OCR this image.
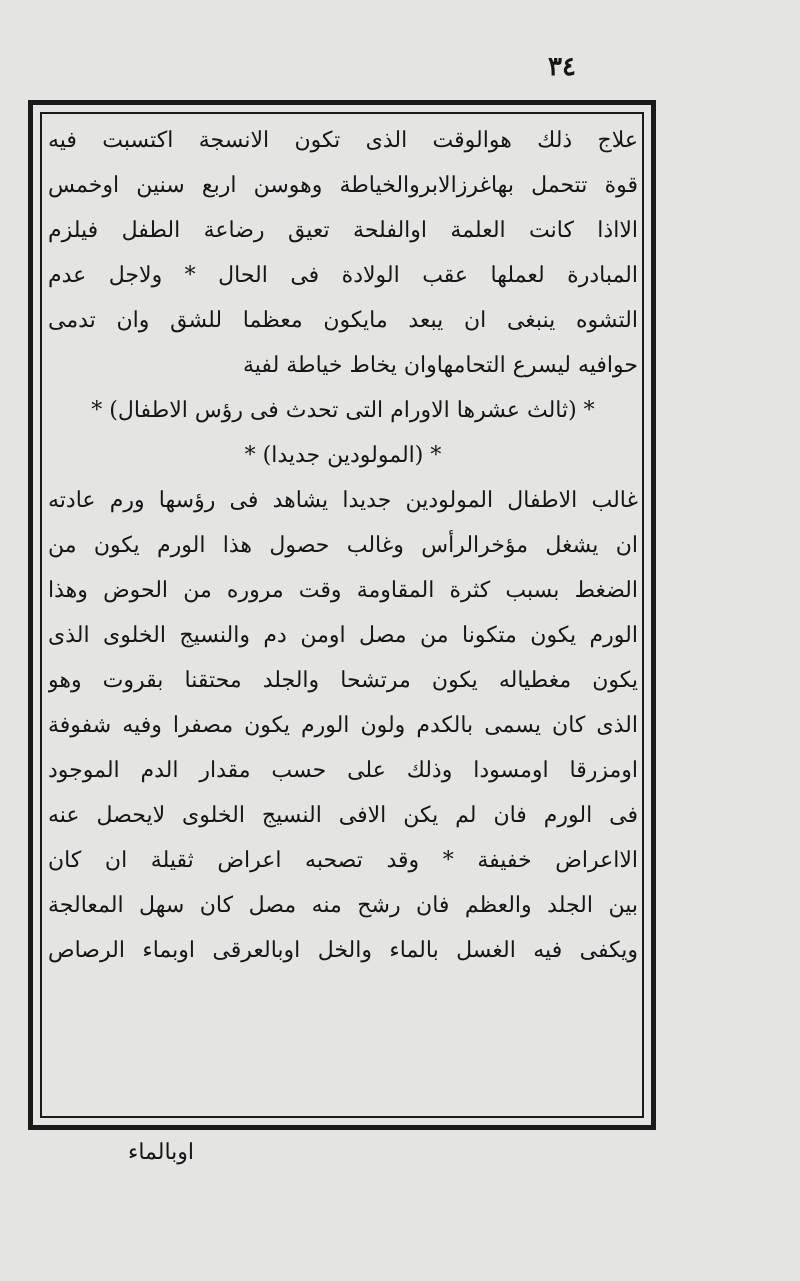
٣٤
علاج ذلك هوالوقت الذى تكون الانسجة اكتسبت فيه
قوة تتحمل بهاغرزالابروالخياطة وهوسن اربع سنين اوخمس
الااذا كانت العلمة اوالفلحة تعيق رضاعة الطفل فيلزم
المبادرة لعملها عقب الولادة فى الحال * ولاجل عدم
التشوه ينبغى ان يبعد مايكون معظما للشق وان تدمى
حوافيه ليسرع التحامهاوان يخاط خياطة لفية
* (ثالث عشرها الاورام التى تحدث فى رؤس الاطفال) *
* (المولودين جديدا) *
غالب الاطفال المولودين جديدا يشاهد فى رؤسها ورم عادته
ان يشغل مؤخرالرأس وغالب حصول هذا الورم يكون من
الضغط بسبب كثرة المقاومة وقت مروره من الحوض وهذا
الورم يكون متكونا من مصل اومن دم والنسيج الخلوى الذى
يكون مغطياله يكون مرتشحا والجلد محتقنا بقروت وهو
الذى كان يسمى بالكدم ولون الورم يكون مصفرا وفيه شفوفة
اومزرقا اومسودا وذلك على حسب مقدار الدم الموجود
فى الورم فان لم يكن الافى النسيج الخلوى لايحصل عنه
الااعراض خفيفة * وقد تصحبه اعراض ثقيلة ان كان
بين الجلد والعظم فان رشح منه مصل كان سهل المعالجة
ويكفى فيه الغسل بالماء والخل اوبالعرقى اوبماء الرصاص
اوبالماء
